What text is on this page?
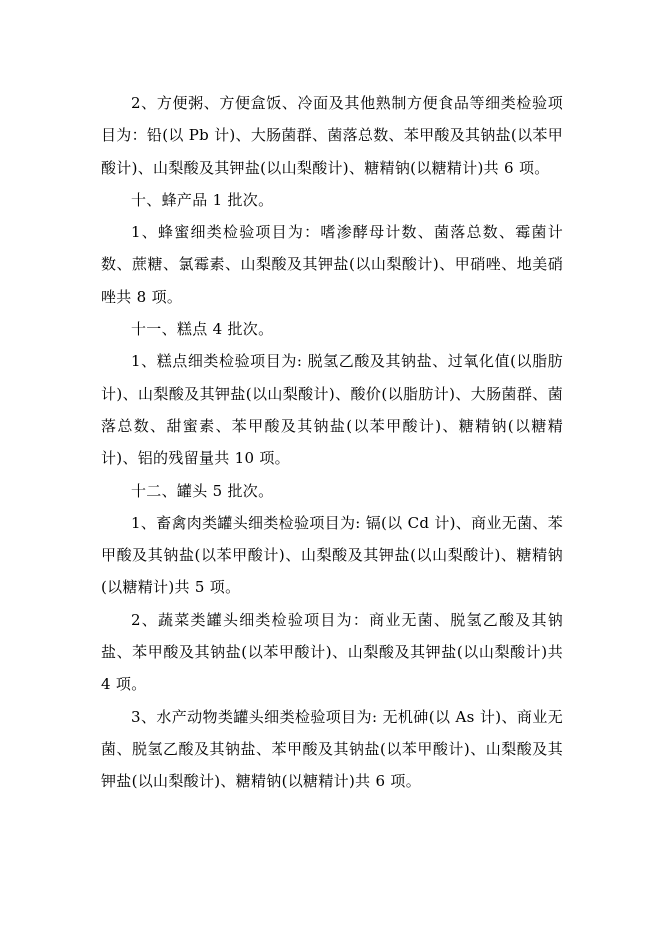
2、方便粥、方便盒饭、冷面及其他熟制方便食品等细类检验项目为：铅(以 Pb 计)、大肠菌群、菌落总数、苯甲酸及其钠盐(以苯甲酸计)、山梨酸及其钾盐(以山梨酸计)、糖精钠(以糖精计)共 6 项。

十、蜂产品 1 批次。

1、蜂蜜细类检验项目为：嗜渗酵母计数、菌落总数、霉菌计数、蔗糖、氯霉素、山梨酸及其钾盐(以山梨酸计)、甲硝唑、地美硝唑共 8 项。

十一、糕点 4 批次。

1、糕点细类检验项目为: 脱氢乙酸及其钠盐、过氧化值(以脂肪计)、山梨酸及其钾盐(以山梨酸计)、酸价(以脂肪计)、大肠菌群、菌落总数、甜蜜素、苯甲酸及其钠盐(以苯甲酸计)、糖精钠(以糖精计)、铝的残留量共 10 项。

十二、罐头 5 批次。

1、畜禽肉类罐头细类检验项目为: 镉(以 Cd 计)、商业无菌、苯甲酸及其钠盐(以苯甲酸计)、山梨酸及其钾盐(以山梨酸计)、糖精钠(以糖精计)共 5 项。

2、蔬菜类罐头细类检验项目为：商业无菌、脱氢乙酸及其钠盐、苯甲酸及其钠盐(以苯甲酸计)、山梨酸及其钾盐(以山梨酸计)共 4 项。

3、水产动物类罐头细类检验项目为: 无机砷(以 As 计)、商业无菌、脱氢乙酸及其钠盐、苯甲酸及其钠盐(以苯甲酸计)、山梨酸及其钾盐(以山梨酸计)、糖精钠(以糖精计)共 6 项。
